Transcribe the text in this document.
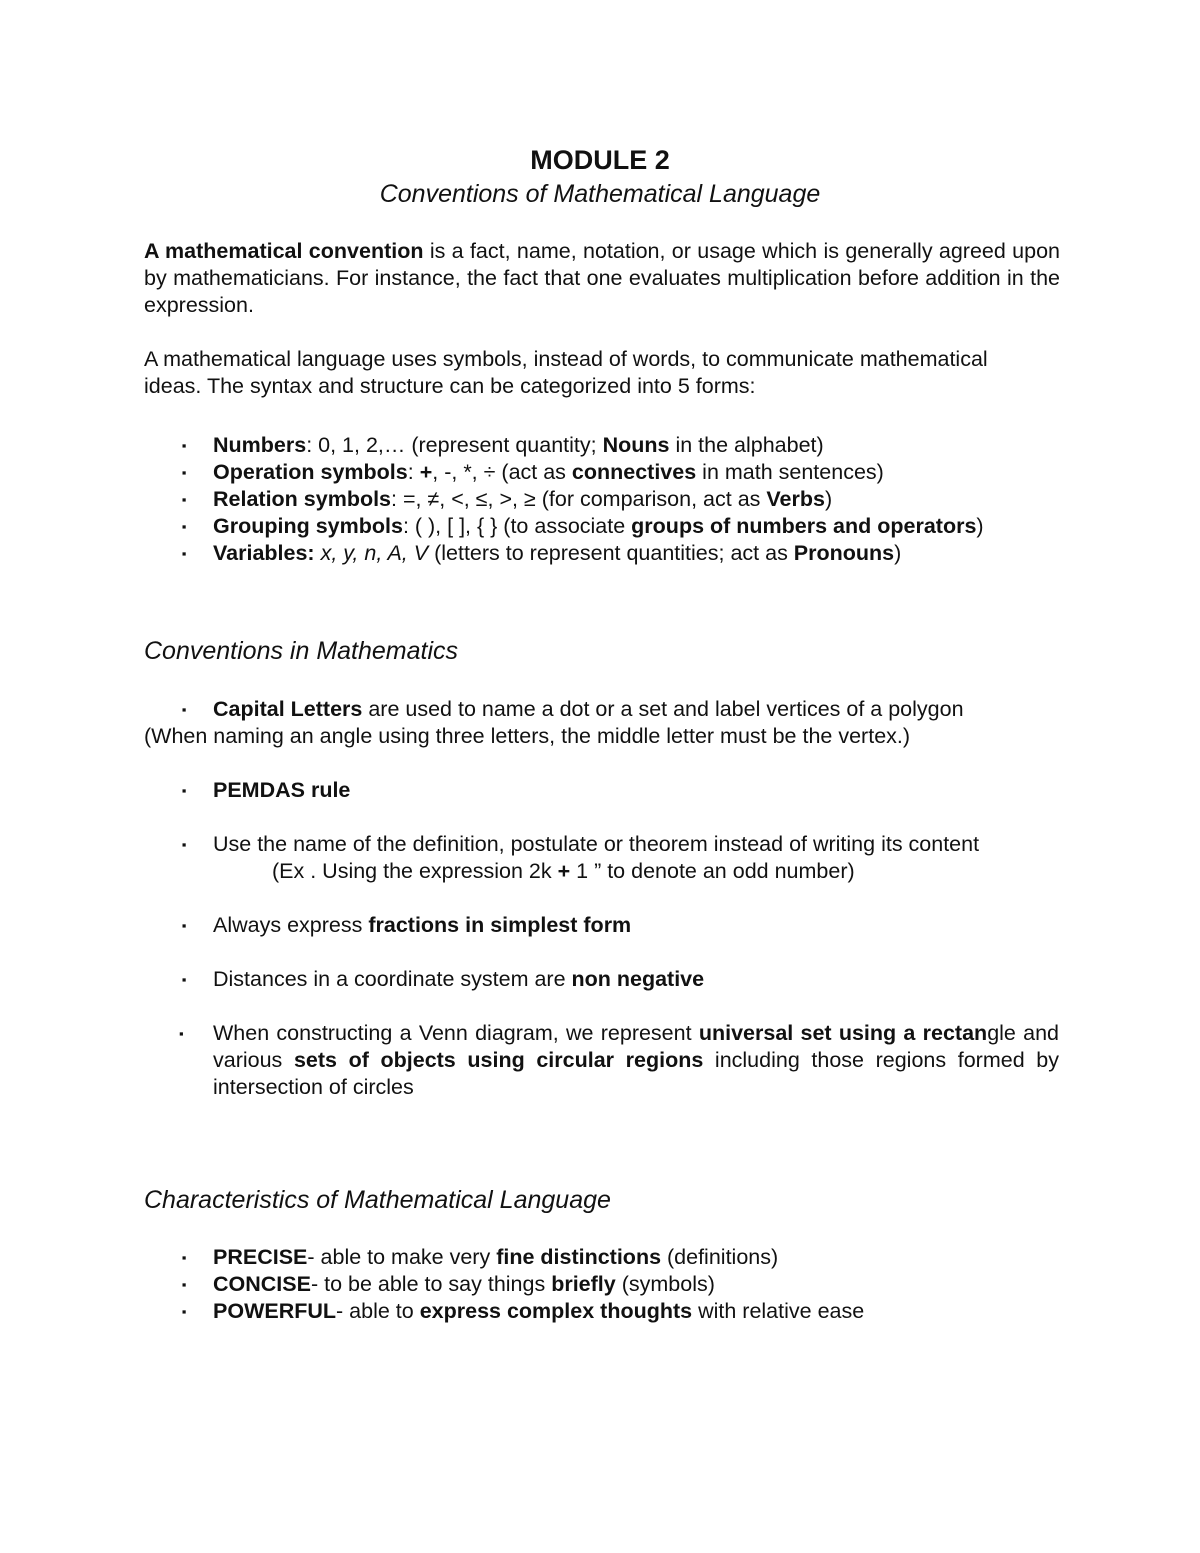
MODULE 2
Conventions of Mathematical Language
A mathematical convention is a fact, name, notation, or usage which is generally agreed upon by mathematicians. For instance, the fact that one evaluates multiplication before addition in the expression.
A mathematical language uses symbols, instead of words, to communicate mathematical
ideas. The syntax and structure can be categorized into 5 forms:
▪ Numbers: 0, 1, 2,… (represent quantity; Nouns in the alphabet)
▪ Operation symbols: +, -, *, ÷ (act as connectives in math sentences)
▪ Relation symbols: =, ≠, <, ≤, >, ≥ (for comparison, act as Verbs)
▪ Grouping symbols: ( ), [ ], { } (to associate groups of numbers and operators)
▪ Variables: x, y, n, A, V (letters to represent quantities; act as Pronouns)
Conventions in Mathematics
▪ Capital Letters are used to name a dot or a set and label vertices of a polygon
(When naming an angle using three letters, the middle letter must be the vertex.)
▪ PEMDAS rule
▪ Use the name of the definition, postulate or theorem instead of writing its content
(Ex . Using the expression 2k + 1 ” to denote an odd number)
▪ Always express fractions in simplest form
▪ Distances in a coordinate system are non negative
▪ When constructing a Venn diagram, we represent universal set using a rectangle and various sets of objects using circular regions including those regions formed by intersection of circles
Characteristics of Mathematical Language
▪ PRECISE- able to make very fine distinctions (definitions)
▪ CONCISE- to be able to say things briefly (symbols)
▪ POWERFUL- able to express complex thoughts with relative ease
